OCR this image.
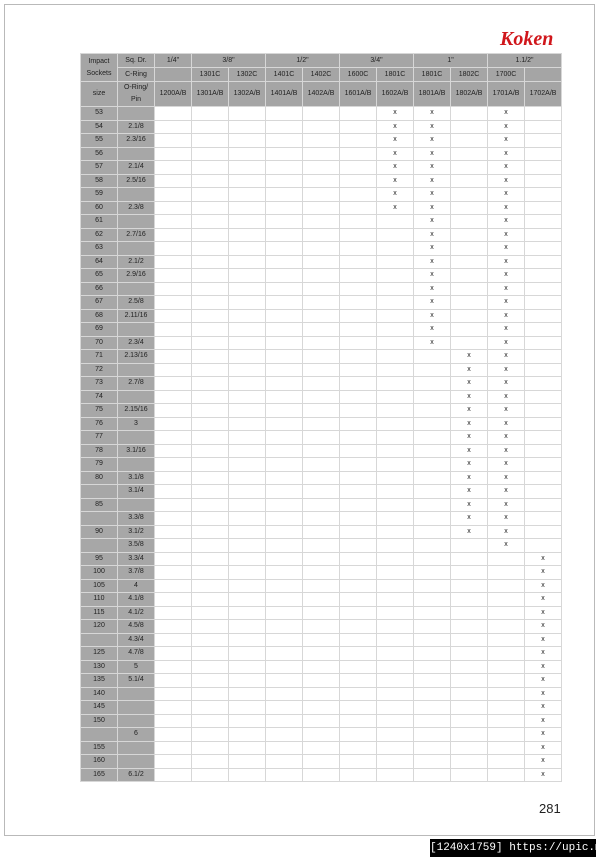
Koken
Impact Sockets	Sq. Dr.	1/4"	3/8"		1/2"		3/4"		1"		1.1/2"	
	C-Ring		1301C	1302C	1401C	1402C	1600C	1801C	1801C	1802C	1700C	
size	O-Ring/ Pin	1200A/B	1301A/B	1302A/B	1401A/B	1402A/B	1601A/B	1602A/B	1801A/B	1802A/B	1701A/B	1702A/B
53								x	x		x	
54	2.1/8							x	x		x	
55	2.3/16							x	x		x	
56								x	x		x	
57	2.1/4							x	x		x	
58	2.5/16							x	x		x	
59								x	x		x	
60	2.3/8							x	x		x	
61									x		x	
62	2.7/16								x		x	
63									x		x	
64	2.1/2								x		x	
65	2.9/16								x		x	
66									x		x	
67	2.5/8								x		x	
68	2.11/16								x		x	
69									x		x	
70	2.3/4								x		x	
71	2.13/16									x	x	
72										x	x	
73	2.7/8									x	x	
74										x	x	
75	2.15/16									x	x	
76	3									x	x	
77										x	x	
78	3.1/16									x	x	
79										x	x	
80	3.1/8									x	x	
	3.1/4									x	x	
85										x	x	
	3.3/8									x	x	
90	3.1/2									x	x	
	3.5/8										x	
95	3.3/4											x
100	3.7/8											x
105	4											x
110	4.1/8											x
115	4.1/2											x
120	4.5/8											x
	4.3/4											x
125	4.7/8											x
130	5											x
135	5.1/4											x
140												x
145												x
150												x
	6											x
155												x
160												x
165	6.1/2											x
281
[1240x1759] https://upic.me/
